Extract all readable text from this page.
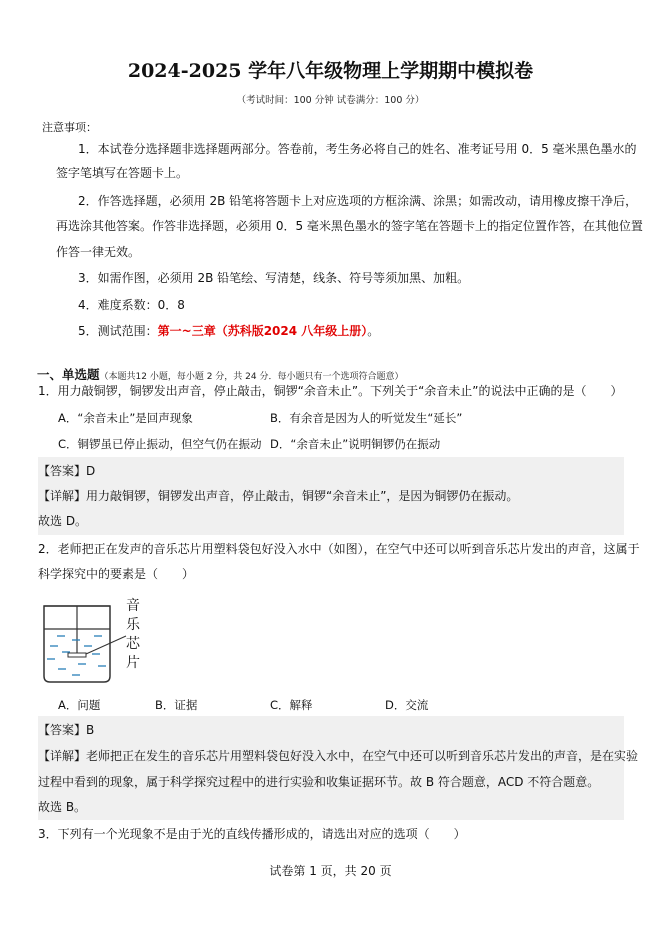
2024-2025 学年八年级物理上学期期中模拟卷
（考试时间：100 分钟 试卷满分：100 分）
注意事项：
1．本试卷分选择题非选择题两部分。答卷前，考生务必将自己的姓名、准考证号用 0．5 毫米黑色墨水的
签字笔填写在答题卡上。
2．作答选择题，必须用 2B 铅笔将答题卡上对应选项的方框涂满、涂黑；如需改动，请用橡皮擦干净后，
再选涂其他答案。作答非选择题，必须用 0．5 毫米黑色墨水的签字笔在答题卡上的指定位置作答，在其他位置
作答一律无效。
3．如需作图，必须用 2B 铅笔绘、写清楚，线条、符号等须加黑、加粗。
4．难度系数：0．8
5．测试范围：第一~三章（苏科版2024 八年级上册）。
一、单选题（本题共12 小题，每小题 2 分，共 24 分．每小题只有一个选项符合题意）
1．用力敲铜锣，铜锣发出声音，停止敲击，铜锣“余音未止”。下列关于“余音未止”的说法中正确的是（　　）
A．“余音未止”是回声现象	B．有余音是因为人的听觉发生“延长”
C．铜锣虽已停止振动，但空气仍在振动 D．“余音未止”说明铜锣仍在振动
【答案】D
【详解】用力敲铜锣，铜锣发出声音，停止敲击，铜锣“余音未止”，是因为铜锣仍在振动。
故选 D。
2．老师把正在发声的音乐芯片用塑料袋包好没入水中（如图），在空气中还可以听到音乐芯片发出的声音，这属于
科学探究中的要素是（　　）
音
乐
芯
片
A．问题	B．证据	C．解释	D．交流
【答案】B
【详解】老师把正在发生的音乐芯片用塑料袋包好没入水中，在空气中还可以听到音乐芯片发出的声音，是在实验
过程中看到的现象，属于科学探究过程中的进行实验和收集证据环节。故 B 符合题意，ACD 不符合题意。
故选 B。
3．下列有一个光现象不是由于光的直线传播形成的，请选出对应的选项（　　）
试卷第 1 页，共 20 页
